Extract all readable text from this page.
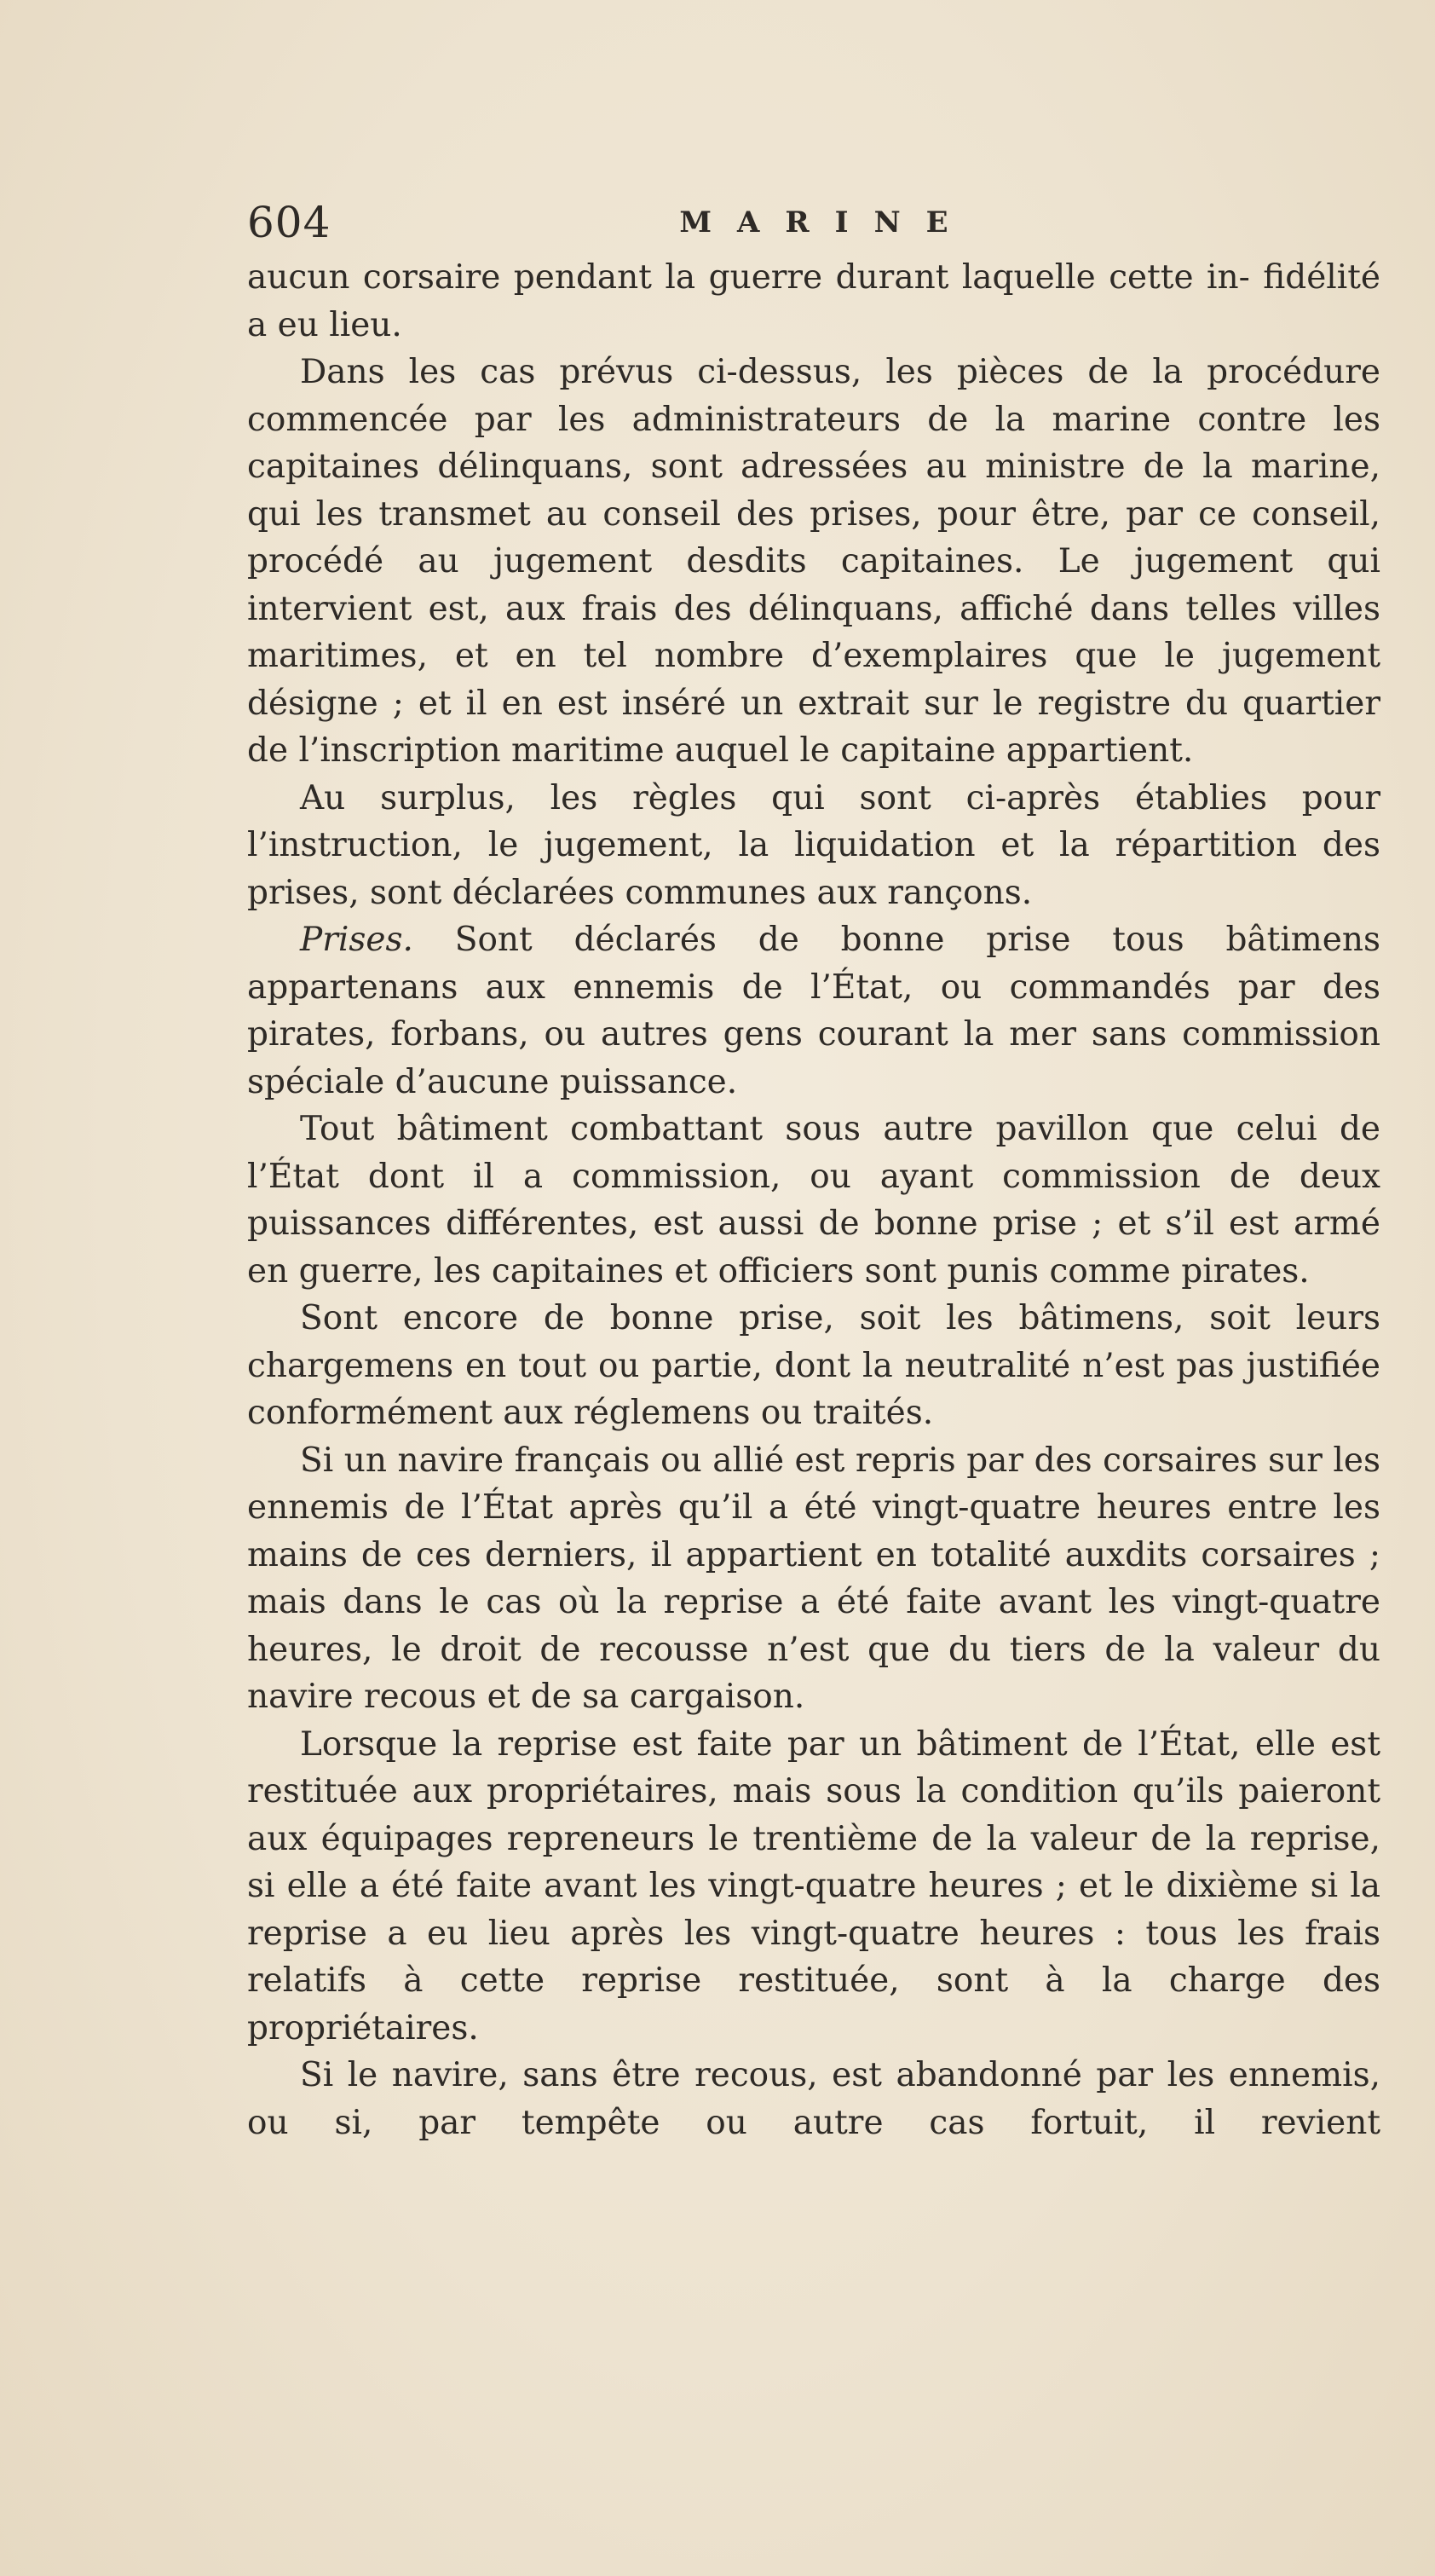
604	MARINE

aucun corsaire pendant la guerre durant laquelle cette in- fidélité a eu lieu.

Dans les cas prévus ci-dessus, les pièces de la procédure commencée par les administrateurs de la marine contre les capitaines délinquans, sont adressées au ministre de la marine, qui les transmet au conseil des prises, pour être, par ce conseil, procédé au jugement desdits capitaines. Le jugement qui intervient est, aux frais des délinquans, affiché dans telles villes maritimes, et en tel nombre d’exemplaires que le jugement désigne ; et il en est inséré un extrait sur le registre du quartier de l’inscription maritime auquel le capitaine appartient.

Au surplus, les règles qui sont ci-après établies pour l’instruction, le jugement, la liquidation et la répartition des prises, sont déclarées communes aux rançons.

Prises. Sont déclarés de bonne prise tous bâtimens appartenans aux ennemis de l’État, ou commandés par des pirates, forbans, ou autres gens courant la mer sans commission spéciale d’aucune puissance.

Tout bâtiment combattant sous autre pavillon que celui de l’État dont il a commission, ou ayant commission de deux puissances différentes, est aussi de bonne prise ; et s’il est armé en guerre, les capitaines et officiers sont punis comme pirates.

Sont encore de bonne prise, soit les bâtimens, soit leurs chargemens en tout ou partie, dont la neutralité n’est pas justifiée conformément aux réglemens ou traités.

Si un navire français ou allié est repris par des corsaires sur les ennemis de l’État après qu’il a été vingt-quatre heures entre les mains de ces derniers, il appartient en totalité auxdits corsaires ; mais dans le cas où la reprise a été faite avant les vingt-quatre heures, le droit de recousse n’est que du tiers de la valeur du navire recous et de sa cargaison.

Lorsque la reprise est faite par un bâtiment de l’État, elle est restituée aux propriétaires, mais sous la condition qu’ils paieront aux équipages repreneurs le trentième de la valeur de la reprise, si elle a été faite avant les vingt-quatre heures ; et le dixième si la reprise a eu lieu après les vingt-quatre heures : tous les frais relatifs à cette reprise restituée, sont à la charge des propriétaires.

Si le navire, sans être recous, est abandonné par les ennemis, ou si, par tempête ou autre cas fortuit, il revient
